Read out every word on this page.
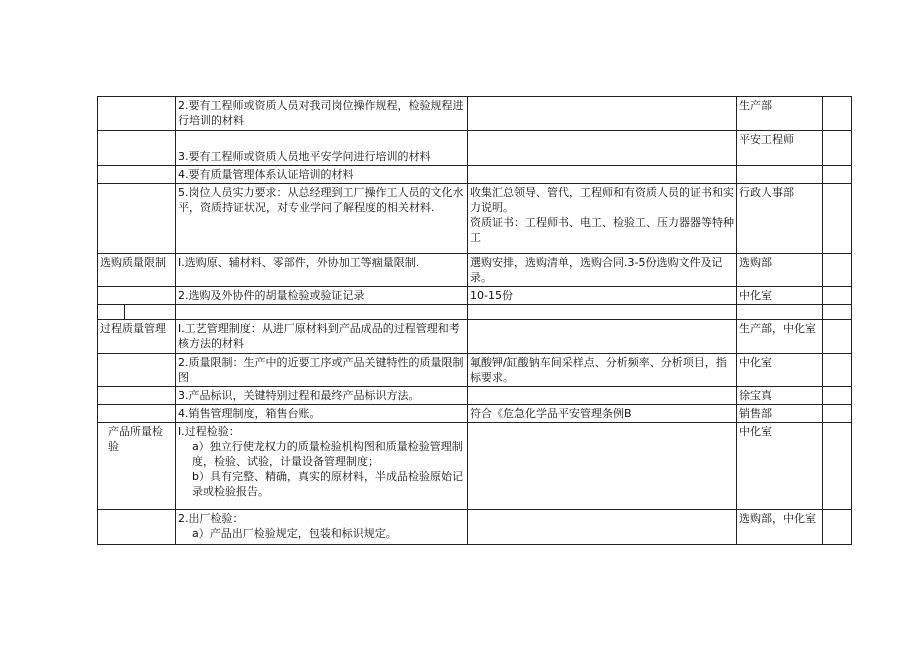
		2.要有工程师或资质人员对我司岗位操作规程，检验规程进行培训的材料		生产部	

		3.要有工程师或资质人员地平安学问进行培训的材料		平安工程师	

		4.要有质量管理体系认证培训的材料			

		5.岗位人员实力要求：从总经理到工厂操作工人员的文化水平，资质持证状况，对专业学问了解程度的相关材料.	收集汇总领导、管代，工程师和有资质人员的证书和实力说明。
资质证书：工程师书、电工、检验工、压力器器等特种工	行政人事部	
选购质量限制		I.选购原、辅材料、零部件，外协加工等痼量限制.	選购安排，选购清单，选购合同.3-5份选购文件及记录。	选购部	

		2.选购及外协件的胡量检验或验证记录	10-15份	中化室	

过程质量管理		I.工艺管理制度：从进厂原材料到产品成品的过程管理和考核方法的材料		生产部，中化室	

		2.质量限制：生产中的近要工序或产品关键特性的质量限制图	氟酸钾/缸酸钠车间采样点、分析频率、分析项目，指标要求。	中化室	

		3.产品标识，关键特别过程和最终产品标识方法。		徐宝真	

		4.销售管理制度，箱售台账。	符合《危急化学品平安管理条例B	销售部	
产品所量检验		I.过程检验：
a）独立行使龙权力的质量检验机构图和质量检验管理制度，检验、试验，计量设备管理制度；
b）具有完整、精确，真实的原材料，半成品检验原始记录或检验报告。		中化室	

		2.出厂检验：
a）产品出厂检验规定，包装和标识规定。		选购部，中化室	
